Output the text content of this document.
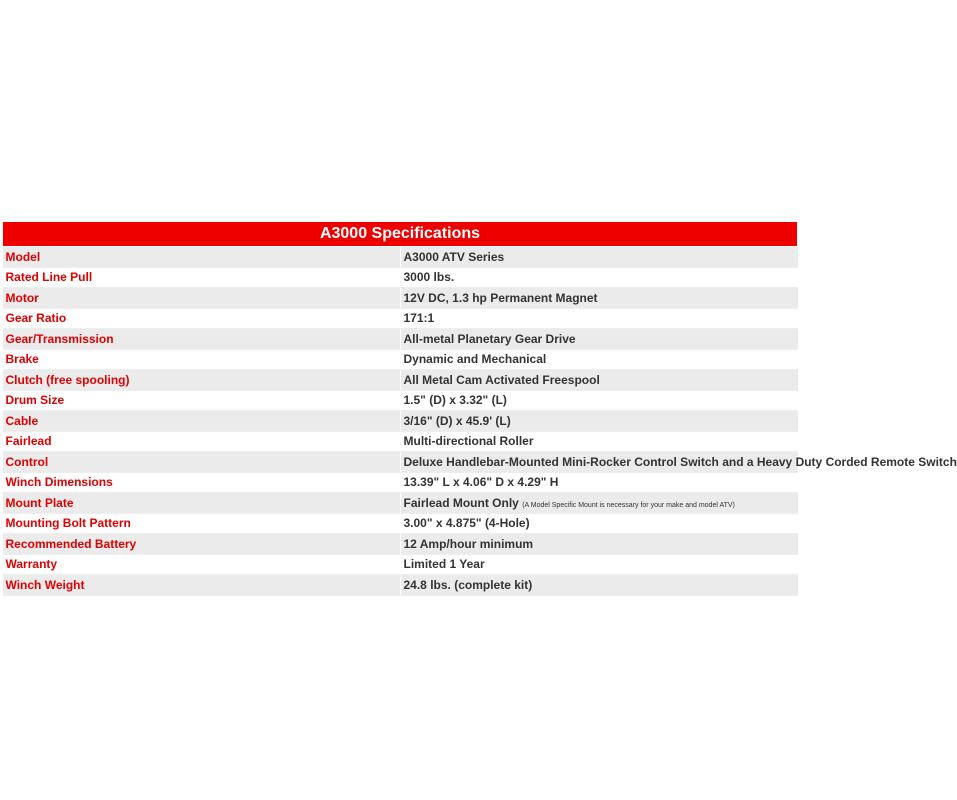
A3000 Specifications	
Model	A3000 ATV Series
Rated Line Pull	3000 lbs.
Motor	12V DC, 1.3 hp Permanent Magnet
Gear Ratio	171:1
Gear/Transmission	All-metal Planetary Gear Drive
Brake	Dynamic and Mechanical
Clutch (free spooling)	All Metal Cam Activated Freespool
Drum Size	1.5" (D) x 3.32" (L)
Cable	3/16" (D) x 45.9' (L)
Fairlead	Multi-directional Roller
Control	Deluxe Handlebar-Mounted Mini-Rocker Control Switch and a Heavy Duty Corded Remote Switch
Winch Dimensions	13.39" L x 4.06" D x 4.29" H
Mount Plate	Fairlead Mount Only (A Model Specific Mount is necessary for your make and model ATV)
Mounting Bolt Pattern	3.00" x 4.875" (4-Hole)
Recommended Battery	12 Amp/hour minimum
Warranty	Limited 1 Year
Winch Weight	24.8 lbs. (complete kit)
